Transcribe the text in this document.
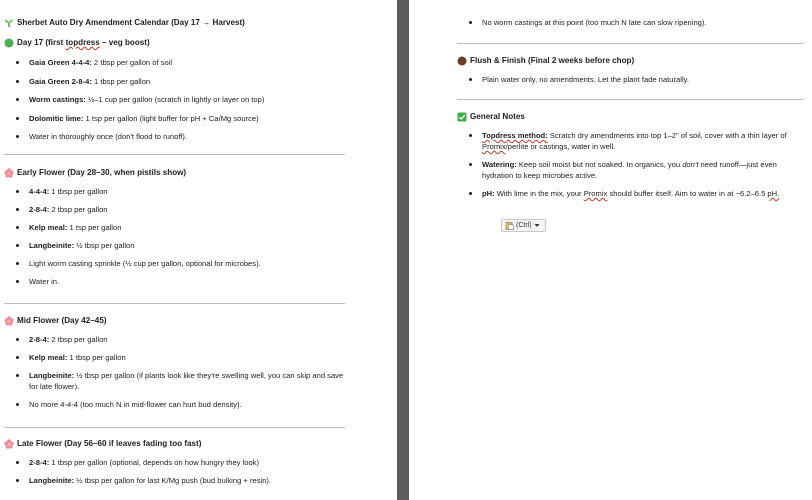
Sherbet Auto Dry Amendment Calendar (Day 17 → Harvest)
Day 17 (first topdress – veg boost)
Gaia Green 4-4-4: 2 tbsp per gallon of soil
Gaia Green 2-8-4: 1 tbsp per gallon
Worm castings: ½–1 cup per gallon (scratch in lightly or layer on top)
Dolomitic lime: 1 tsp per gallon (light buffer for pH + Ca/Mg source)
Water in thoroughly once (don't flood to runoff).
Early Flower (Day 28–30, when pistils show)
4-4-4: 1 tbsp per gallon
2-8-4: 2 tbsp per gallon
Kelp meal: 1 tsp per gallon
Langbeinite: ½ tbsp per gallon
Light worm casting sprinkle (½ cup per gallon, optional for microbes).
Water in.
Mid Flower (Day 42–45)
2-8-4: 2 tbsp per gallon
Kelp meal: 1 tbsp per gallon
Langbeinite: ½ tbsp per gallon (if plants look like they're swelling well, you can skip and save for late flower).
No more 4-4-4 (too much N in mid-flower can hurt bud density).
Late Flower (Day 56–60 if leaves fading too fast)
2-8-4: 1 tbsp per gallon (optional, depends on how hungry they look)
Langbeinite: ½ tbsp per gallon for last K/Mg push (bud bulking + resin).
No worm castings at this point (too much N late can slow ripening).
Flush & Finish (Final 2 weeks before chop)
Plain water only, no amendments. Let the plant fade naturally.
General Notes
Topdress method: Scratch dry amendments into top 1–2" of soil, cover with a thin layer of Promix/perlite or castings, water in well.
Watering: Keep soil moist but not soaked. In organics, you don't need runoff—just even hydration to keep microbes active.
pH: With lime in the mix, your Promix should buffer itself. Aim to water in at ~6.2–6.5 pH.
(Ctrl)
